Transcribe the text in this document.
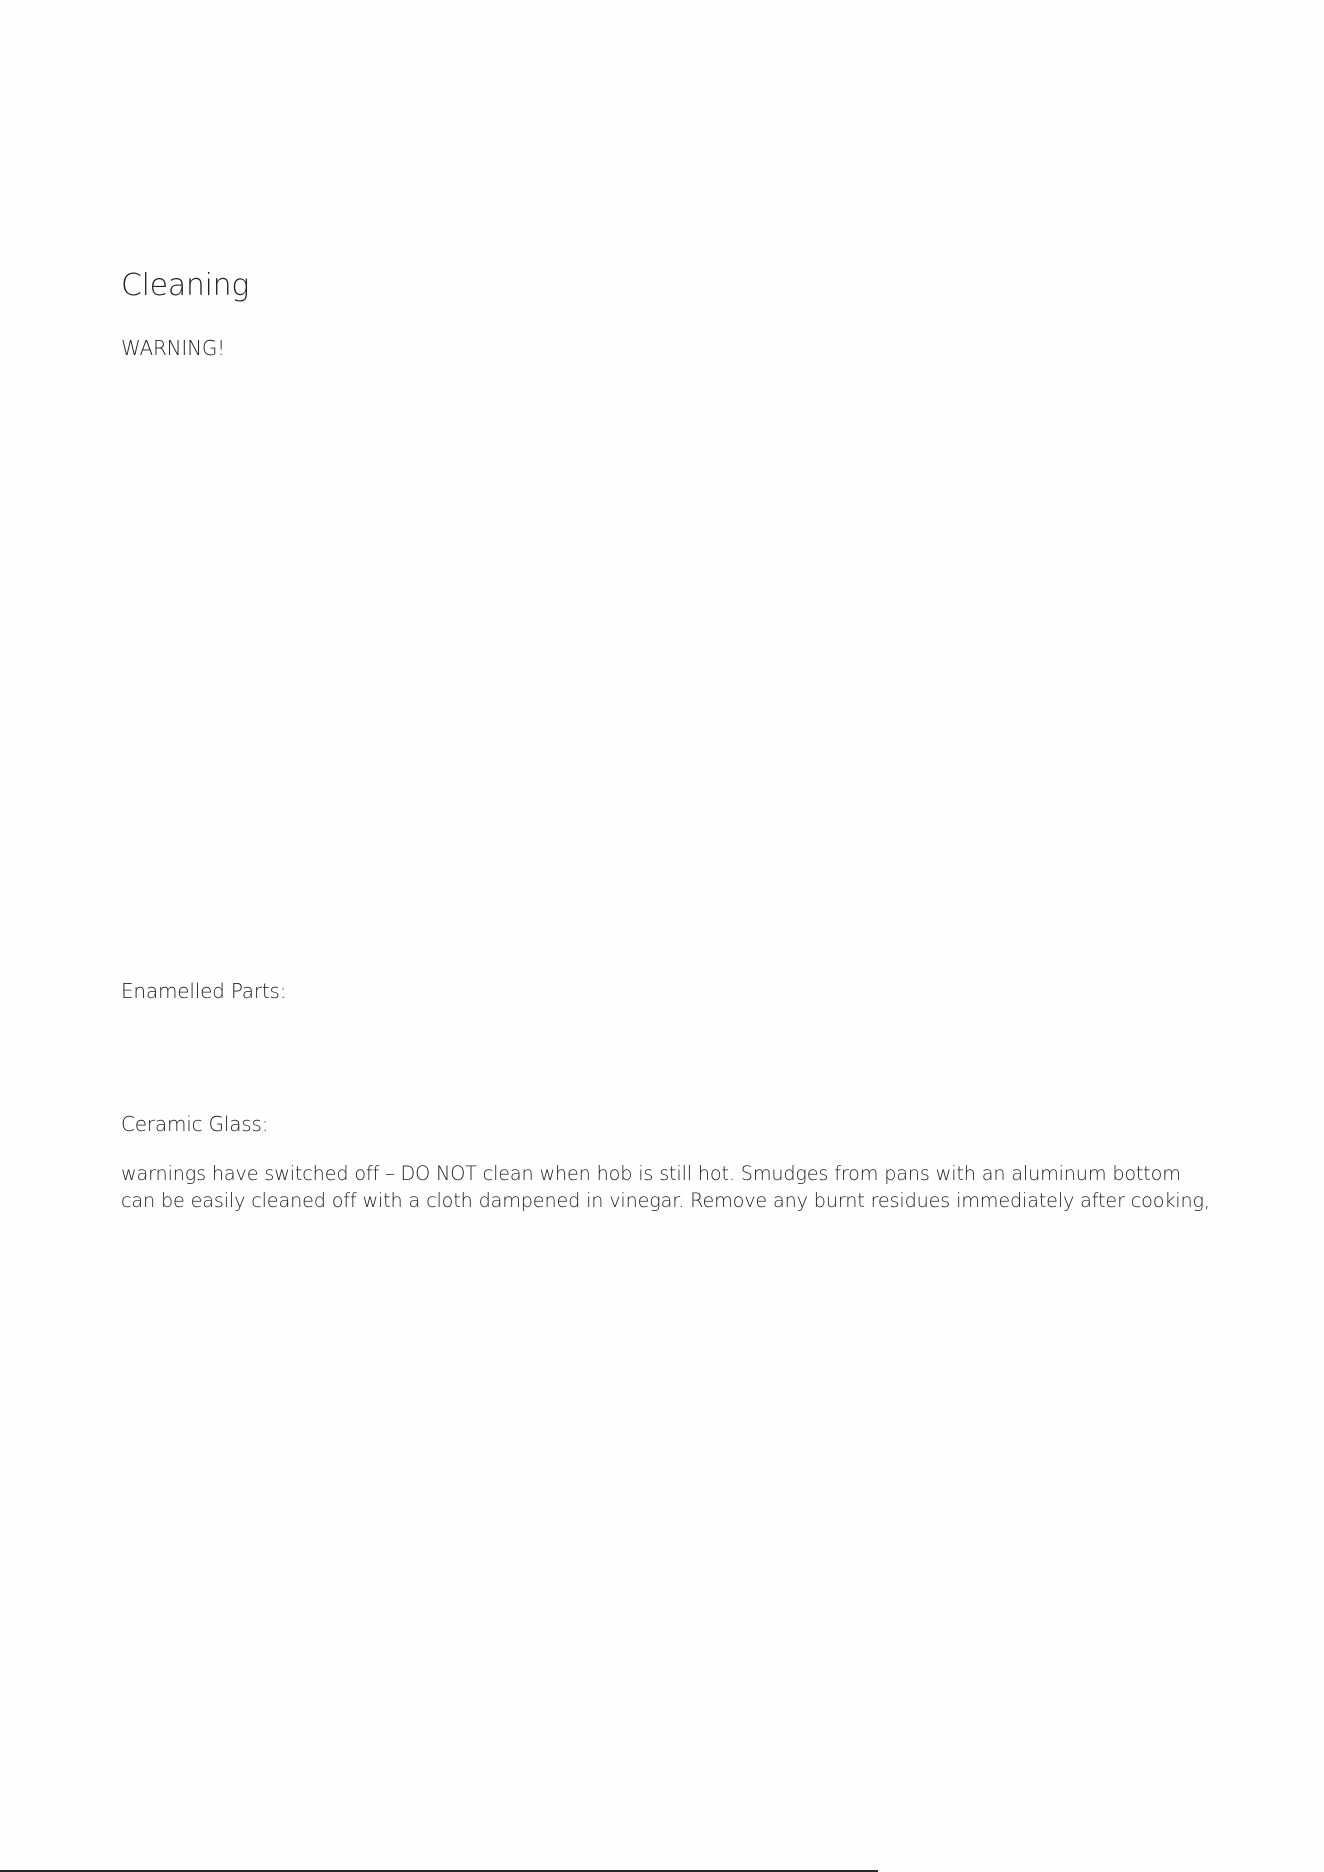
Cleaning

WARNING!

Enamelled Parts:

Ceramic Glass:

warnings have switched off – DO NOT clean when hob is still hot. Smudges from pans with an aluminum bottom
can be easily cleaned off with a cloth dampened in vinegar. Remove any burnt residues immediately after cooking,
